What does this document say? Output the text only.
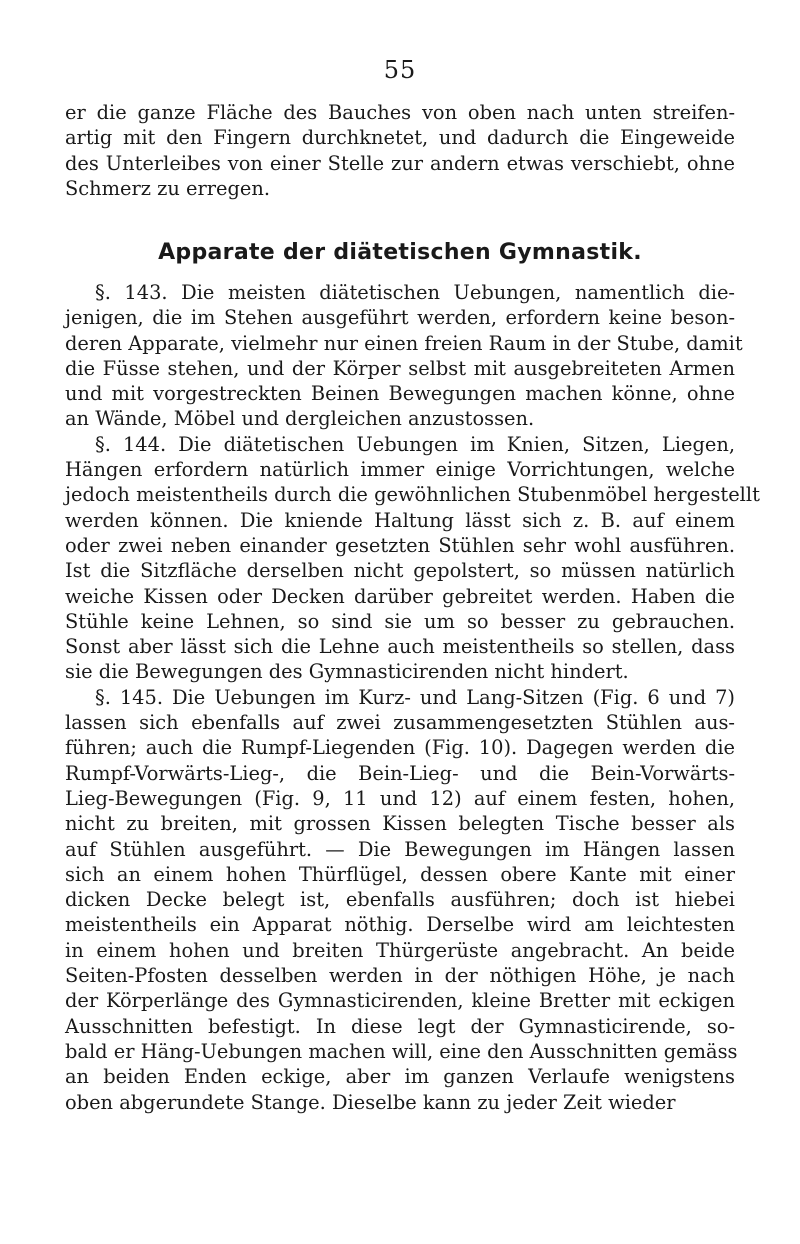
55
er die ganze Fläche des Bauches von oben nach unten streifen-
artig mit den Fingern durchknetet, und dadurch die Eingeweide
des Unterleibes von einer Stelle zur andern etwas verschiebt, ohne
Schmerz zu erregen.
Apparate der diätetischen Gymnastik.
§. 143. Die meisten diätetischen Uebungen, namentlich die-
jenigen, die im Stehen ausgeführt werden, erfordern keine beson-
deren Apparate, vielmehr nur einen freien Raum in der Stube, damit
die Füsse stehen, und der Körper selbst mit ausgebreiteten Armen
und mit vorgestreckten Beinen Bewegungen machen könne, ohne
an Wände, Möbel und dergleichen anzustossen.
§. 144. Die diätetischen Uebungen im Knien, Sitzen, Liegen,
Hängen erfordern natürlich immer einige Vorrichtungen, welche
jedoch meistentheils durch die gewöhnlichen Stubenmöbel hergestellt
werden können. Die kniende Haltung lässt sich z. B. auf einem
oder zwei neben einander gesetzten Stühlen sehr wohl ausführen.
Ist die Sitzfläche derselben nicht gepolstert, so müssen natürlich
weiche Kissen oder Decken darüber gebreitet werden. Haben die
Stühle keine Lehnen, so sind sie um so besser zu gebrauchen.
Sonst aber lässt sich die Lehne auch meistentheils so stellen, dass
sie die Bewegungen des Gymnasticirenden nicht hindert.
§. 145. Die Uebungen im Kurz- und Lang-Sitzen (Fig. 6 und 7)
lassen sich ebenfalls auf zwei zusammengesetzten Stühlen aus-
führen; auch die Rumpf-Liegenden (Fig. 10). Dagegen werden die
Rumpf-Vorwärts-Lieg-, die Bein-Lieg- und die Bein-Vorwärts-
Lieg-Bewegungen (Fig. 9, 11 und 12) auf einem festen, hohen,
nicht zu breiten, mit grossen Kissen belegten Tische besser als
auf Stühlen ausgeführt. — Die Bewegungen im Hängen lassen
sich an einem hohen Thürflügel, dessen obere Kante mit einer
dicken Decke belegt ist, ebenfalls ausführen; doch ist hiebei
meistentheils ein Apparat nöthig. Derselbe wird am leichtesten
in einem hohen und breiten Thürgerüste angebracht. An beide
Seiten-Pfosten desselben werden in der nöthigen Höhe, je nach
der Körperlänge des Gymnasticirenden, kleine Bretter mit eckigen
Ausschnitten befestigt. In diese legt der Gymnasticirende, so-
bald er Häng-Uebungen machen will, eine den Ausschnitten gemäss
an beiden Enden eckige, aber im ganzen Verlaufe wenigstens
oben abgerundete Stange. Dieselbe kann zu jeder Zeit wieder
